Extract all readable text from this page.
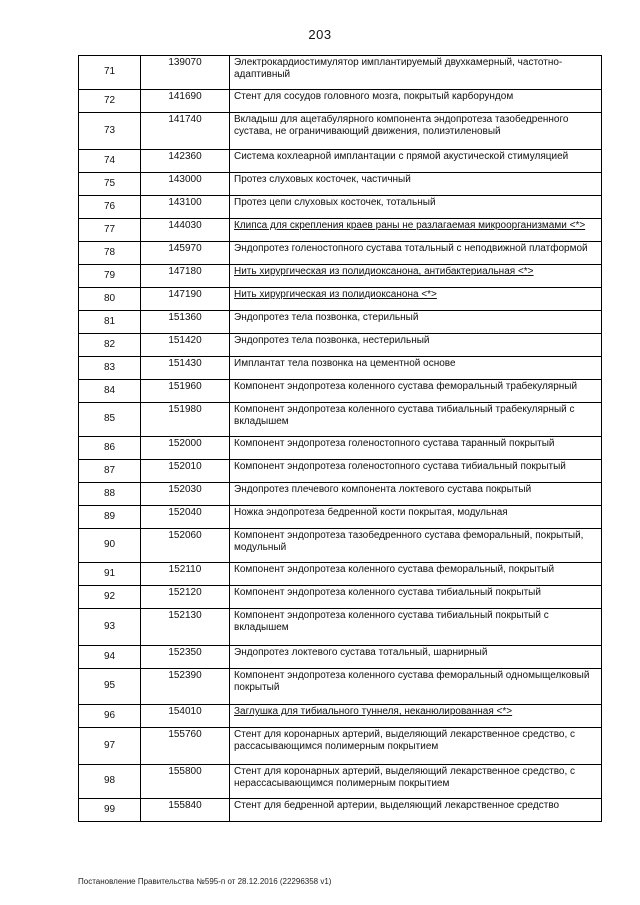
203
71	139070	Электрокардиостимулятор имплантируемый двухкамерный, частотно-адаптивный
72	141690	Стент для сосудов головного мозга, покрытый карборундом
73	141740	Вкладыш для ацетабулярного компонента эндопротеза тазобедренного сустава, не ограничивающий движения, полиэтиленовый
74	142360	Система кохлеарной имплантации с прямой акустической стимуляцией
75	143000	Протез слуховых косточек, частичный
76	143100	Протез цепи слуховых косточек, тотальный
77	144030	Клипса для скрепления краев раны не разлагаемая микроорганизмами <*>
78	145970	Эндопротез голеностопного сустава тотальный с неподвижной платформой
79	147180	Нить хирургическая из полидиоксанона, антибактериальная <*>
80	147190	Нить хирургическая из полидиоксанона <*>
81	151360	Эндопротез тела позвонка, стерильный
82	151420	Эндопротез тела позвонка, нестерильный
83	151430	Имплантат тела позвонка на цементной основе
84	151960	Компонент эндопротеза коленного сустава феморальный трабекулярный
85	151980	Компонент эндопротеза коленного сустава тибиальный трабекулярный с вкладышем
86	152000	Компонент эндопротеза голеностопного сустава таранный покрытый
87	152010	Компонент эндопротеза голеностопного сустава тибиальный покрытый
88	152030	Эндопротез плечевого компонента локтевого сустава покрытый
89	152040	Ножка эндопротеза бедренной кости покрытая, модульная
90	152060	Компонент эндопротеза тазобедренного сустава феморальный, покрытый, модульный
91	152110	Компонент эндопротеза коленного сустава феморальный, покрытый
92	152120	Компонент эндопротеза коленного сустава тибиальный покрытый
93	152130	Компонент эндопротеза коленного сустава тибиальный покрытый с вкладышем
94	152350	Эндопротез локтевого сустава тотальный, шарнирный
95	152390	Компонент эндопротеза коленного сустава феморальный одномыщелковый покрытый
96	154010	Заглушка для тибиального туннеля, неканюлированная <*>
97	155760	Стент для коронарных артерий, выделяющий лекарственное средство, с рассасывающимся полимерным покрытием
98	155800	Стент для коронарных артерий, выделяющий лекарственное средство, с нерассасывающимся полимерным покрытием
99	155840	Стент для бедренной артерии, выделяющий лекарственное средство
Постановление Правительства №595-п от 28.12.2016 (22296358 v1)
